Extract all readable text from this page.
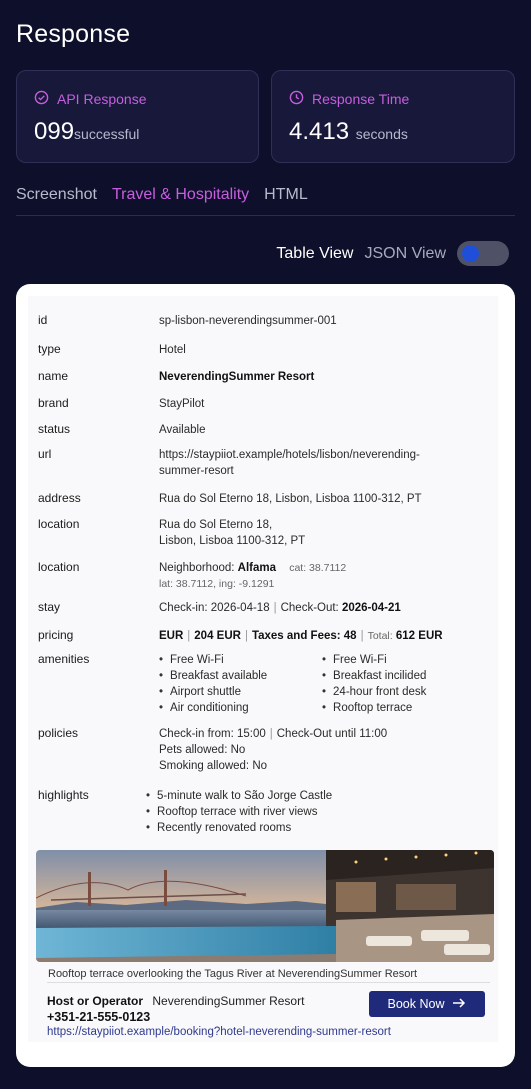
Response
API Response
099successful
Response Time
4.413 seconds
Screenshot Travel & Hospitality HTML
Table View JSON View
id	sp-lisbon-neverendingsummer-001
type	Hotel
name	NeverendingSummer Resort
brand	StayPilot
status	Available
url	https://staypiiot.example/hotels/lisbon/neverending-
summer-resort
address	Rua do Sol Eterno 18, Lisbon, Lisboa 1100-312, PT
location	Rua do Sol Eterno 18,
Lisbon, Lisboa 1100-312, PT
location	Neighborhood: Alfama cat: 38.7112
lat: 38.7112, ing: -9.1291
stay	Check-in: 2026-04-18 | Check-Out: 2026-04-21
pricing	EUR | 204 EUR | Taxes and Fees: 48 | Total: 612 EUR
amenities	• Free Wi-Fi	• Free Wi-Fi
• Breakfast available	• Breakfast incilided
• Airport shuttle	• 24-hour front desk
• Air conditioning	• Rooftop terrace
policies	Check-in from: 15:00 | Check-Out until 11:00
Pets allowed: No
Smoking allowed: No
highlights	• 5-minute walk to São Jorge Castle
• Rooftop terrace with river views
• Recently renovated rooms
Rooftop terrace overlooking the Tagus River at NeverendingSummer Resort
Host or Operator NeverendingSummer Resort
+351-21-555-0123
https://staypiiot.example/booking?hotel-neverending-summer-resort
Book Now
